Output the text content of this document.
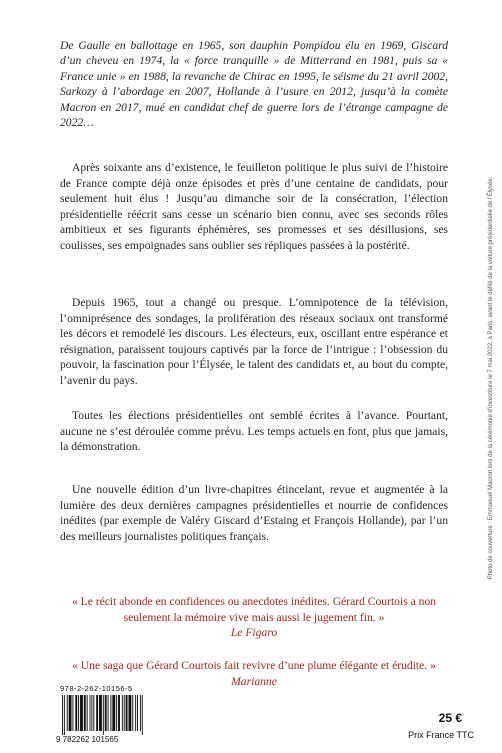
De Gaulle en ballottage en 1965, son dauphin Pompidou élu en 1969, Giscard d’un cheveu en 1974, la « force tranquille » de Mitterrand en 1981, puis sa « France unie » en 1988, la revanche de Chirac en 1995, le séisme du 21 avril 2002, Sarkozy à l’abordage en 2007, Hollande à l’usure en 2012, jusqu’à la comète Macron en 2017, mué en candidat chef de guerre lors de l’étrange campagne de 2022…

Après soixante ans d’existence, le feuilleton politique le plus suivi de l’histoire de France compte déjà onze épisodes et près d’une centaine de candidats, pour seulement huit élus ! Jusqu’au dimanche soir de la consécration, l’élection présidentielle réécrit sans cesse un scénario bien connu, avec ses seconds rôles ambitieux et ses figurants éphémères, ses promesses et ses désillusions, ses coulisses, ses empoignades sans oublier ses répliques passées à la postérité.

Depuis 1965, tout a changé ou presque. L’omnipotence de la télévision, l’omniprésence des sondages, la prolifération des réseaux sociaux ont transformé les décors et remodelé les discours. Les électeurs, eux, oscillant entre espérance et résignation, paraissent toujours captivés par la force de l’intrigue : l’obsession du pouvoir, la fascination pour l’Élysée, le talent des candidats et, au bout du compte, l’avenir du pays.

Toutes les élections présidentielles ont semblé écrites à l’avance. Pourtant, aucune ne s’est déroulée comme prévu. Les temps actuels en font, plus que jamais, la démonstration.

Une nouvelle édition d’un livre-chapitres étincelant, revue et augmentée à la lumière des deux dernières campagnes présidentielles et nourrie de confidences inédites (par exemple de Valéry Giscard d’Estaing et François Hollande), par l’un des meilleurs journalistes politiques français.

« Le récit abonde en confidences ou anecdotes inédites. Gérard Courtois a non seulement la mémoire vive mais aussi le jugement fin. »
Le Figaro
« Une saga que Gérard Courtois fait revivre d’une plume élégante et érudite. »
Marianne
Photo de couverture : Emmanuel Macron lors de la cérémonie d’investiture le 7 mai 2022, à Paris, avant le défilé de la voiture présidentielle de l’Élysée.
978-2-262-10156-5
9 782262 101565
25 €
Prix France TTC
